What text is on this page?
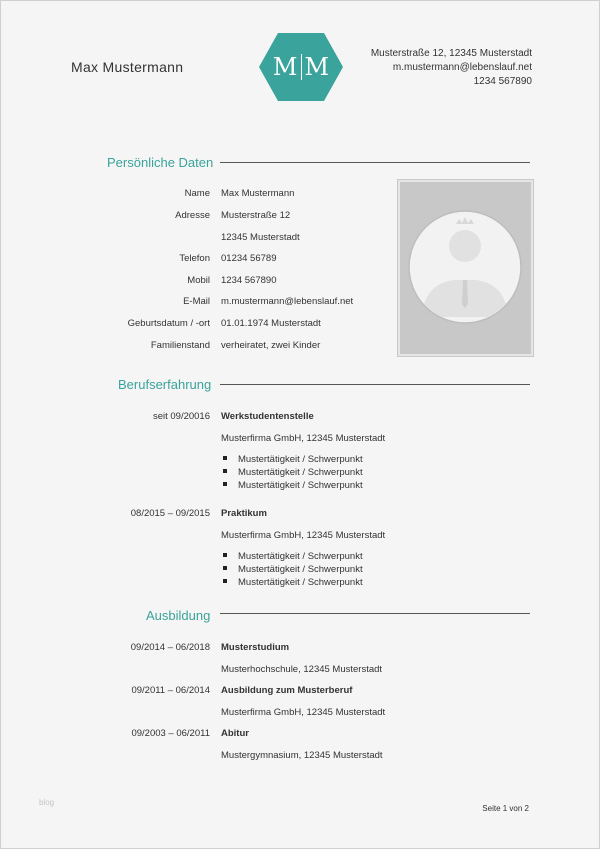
Max Mustermann	M M	Musterstraße 12, 12345 Musterstadt
m.mustermann@lebenslauf.net
1234 567890
Persönliche Daten
Name Max Mustermann
Adresse Musterstraße 12
12345 Musterstadt
Telefon 01234 56789
Mobil 1234 567890
E-Mail m.mustermann@lebenslauf.net
Geburtsdatum / -ort 01.01.1974 Musterstadt
Familienstand verheiratet, zwei Kinder
Berufserfahrung
seit 09/20016 Werkstudentenstelle
Musterfirma GmbH, 12345 Musterstadt
Mustertätigkeit / Schwerpunkt
Mustertätigkeit / Schwerpunkt
Mustertätigkeit / Schwerpunkt
08/2015 – 09/2015 Praktikum
Musterfirma GmbH, 12345 Musterstadt
Mustertätigkeit / Schwerpunkt
Mustertätigkeit / Schwerpunkt
Mustertätigkeit / Schwerpunkt
Ausbildung
09/2014 – 06/2018 Musterstudium
Musterhochschule, 12345 Musterstadt
09/2011 – 06/2014 Ausbildung zum Musterberuf
Musterfirma GmbH, 12345 Musterstadt
09/2003 – 06/2011 Abitur
Mustergymnasium, 12345 Musterstadt
blog
Seite 1 von 2
